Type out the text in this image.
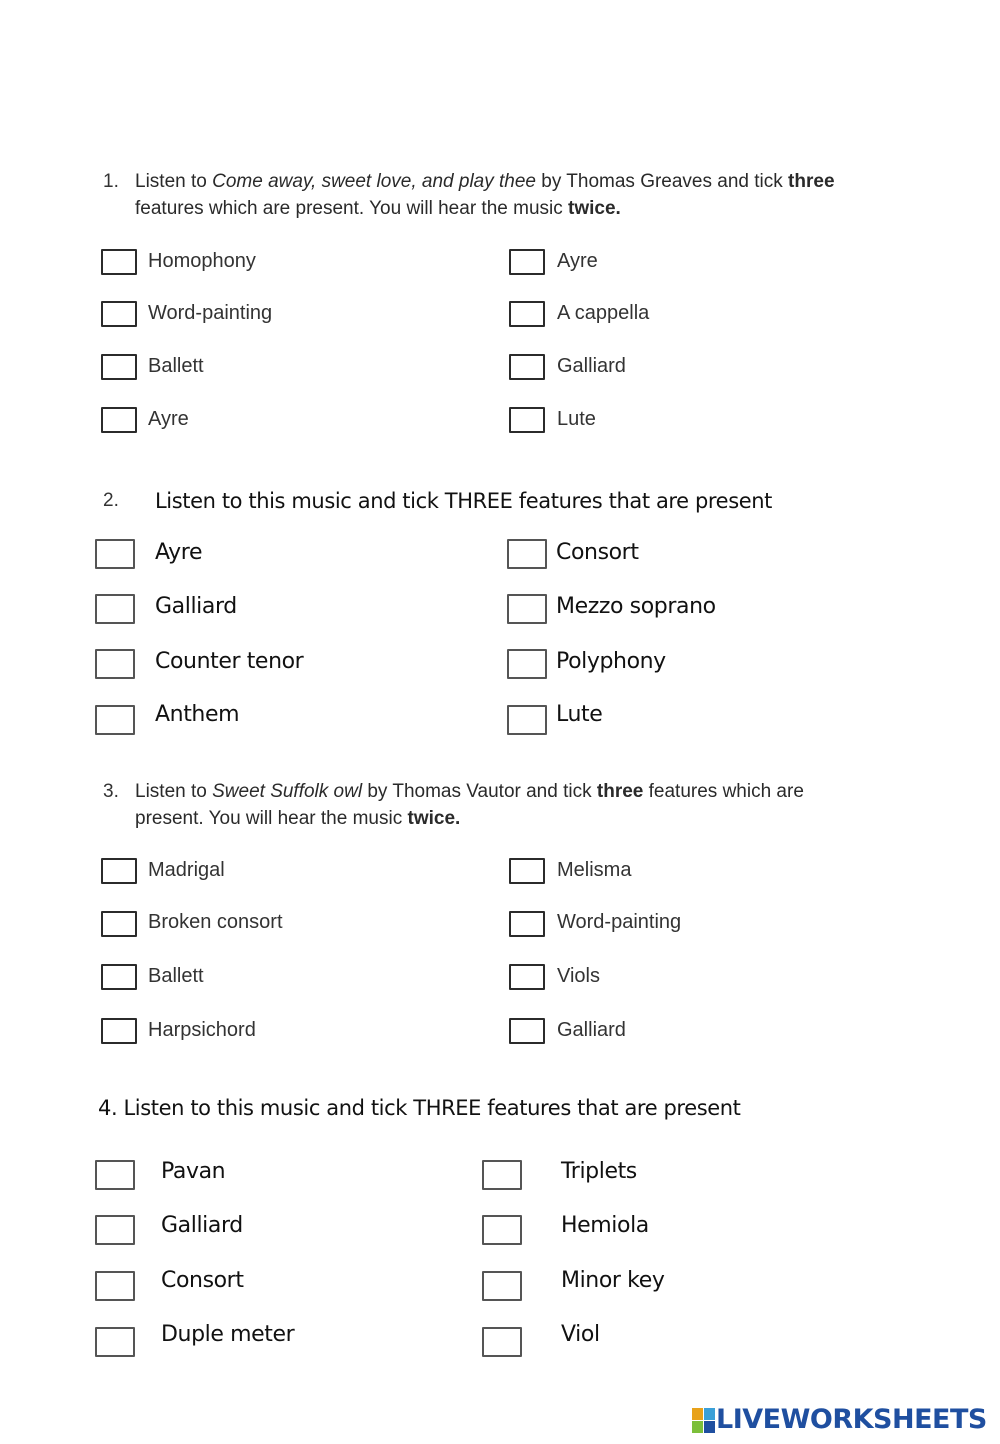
1. Listen to Come away, sweet love, and play thee by Thomas Greaves and tick three
features which are present. You will hear the music twice.
Homophony
Word-painting
Ballett
Ayre
Ayre
A cappella
Galliard
Lute
2. Listen to this music and tick THREE features that are present
Ayre
Galliard
Counter tenor
Anthem
Consort
Mezzo soprano
Polyphony
Lute
3. Listen to Sweet Suffolk owl by Thomas Vautor and tick three features which are
present. You will hear the music twice.
Madrigal
Broken consort
Ballett
Harpsichord
Melisma
Word-painting
Viols
Galliard
4. Listen to this music and tick THREE features that are present
Pavan
Galliard
Consort
Duple meter
Triplets
Hemiola
Minor key
Viol
LIVEWORKSHEETS
